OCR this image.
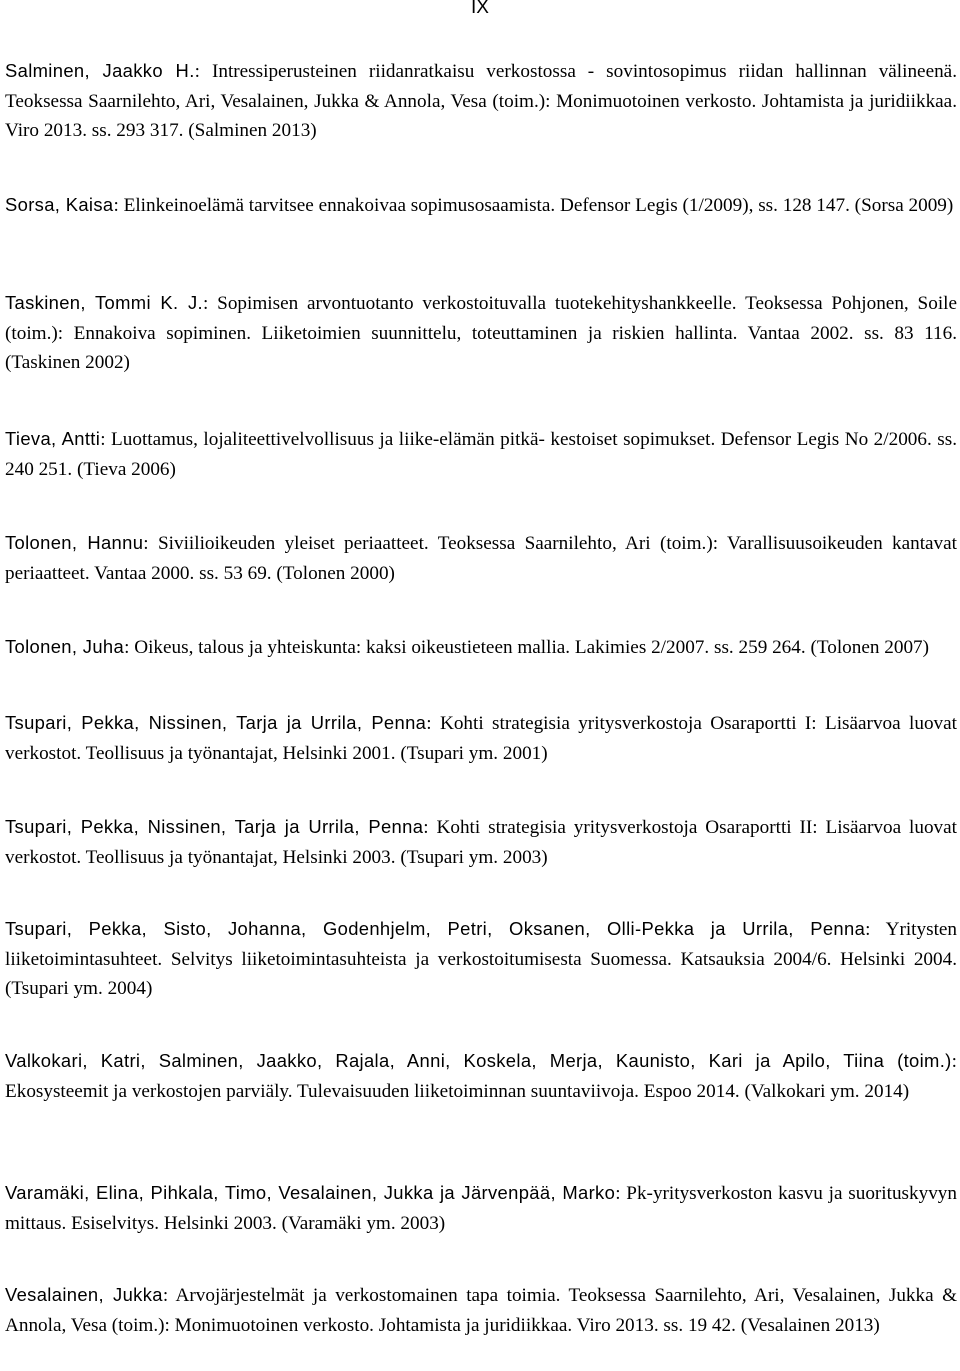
IX

Salminen, Jaakko H.: Intressiperusteinen riidanratkaisu verkostossa - sovintosopimus riidan hallinnan välineenä. Teoksessa Saarnilehto, Ari, Vesalainen, Jukka & Annola, Vesa (toim.): Monimuotoinen verkosto. Johtamista ja juridiikkaa. Viro 2013. ss. 293 317. (Salminen 2013)

Sorsa, Kaisa: Elinkeinoelämä tarvitsee ennakoivaa sopimusosaamista. Defensor Legis (1/2009), ss. 128 147. (Sorsa 2009)

Taskinen, Tommi K. J.: Sopimisen arvontuotanto verkostoituvalla tuotekehityshankkeelle. Teoksessa Pohjonen, Soile (toim.): Ennakoiva sopiminen. Liiketoimien suunnittelu, toteuttaminen ja riskien hallinta. Vantaa 2002. ss. 83 116. (Taskinen 2002)

Tieva, Antti: Luottamus, lojaliteettivelvollisuus ja liike-elämän pitkä- kestoiset sopimukset. Defensor Legis No 2/2006. ss. 240 251. (Tieva 2006)

Tolonen, Hannu: Siviilioikeuden yleiset periaatteet. Teoksessa Saarnilehto, Ari (toim.): Varallisuusoikeuden kantavat periaatteet. Vantaa 2000. ss. 53 69. (Tolonen 2000)

Tolonen, Juha: Oikeus, talous ja yhteiskunta: kaksi oikeustieteen mallia. Lakimies 2/2007. ss. 259 264. (Tolonen 2007)

Tsupari, Pekka, Nissinen, Tarja ja Urrila, Penna: Kohti strategisia yritysverkostoja Osaraportti I: Lisäarvoa luovat verkostot. Teollisuus ja työnantajat, Helsinki 2001. (Tsupari ym. 2001)

Tsupari, Pekka, Nissinen, Tarja ja Urrila, Penna: Kohti strategisia yritysverkostoja Osaraportti II: Lisäarvoa luovat verkostot. Teollisuus ja työnantajat, Helsinki 2003. (Tsupari ym. 2003)

Tsupari, Pekka, Sisto, Johanna, Godenhjelm, Petri, Oksanen, Olli-Pekka ja Urrila, Penna: Yritysten liiketoimintasuhteet. Selvitys liiketoimintasuhteista ja verkostoitumisesta Suomessa. Katsauksia 2004/6. Helsinki 2004. (Tsupari ym. 2004)

Valkokari, Katri, Salminen, Jaakko, Rajala, Anni, Koskela, Merja, Kaunisto, Kari ja Apilo, Tiina (toim.): Ekosysteemit ja verkostojen parviäly. Tulevaisuuden liiketoiminnan suuntaviivoja. Espoo 2014. (Valkokari ym. 2014)

Varamäki, Elina, Pihkala, Timo, Vesalainen, Jukka ja Järvenpää, Marko: Pk-yritysverkoston kasvu ja suorituskyvyn mittaus. Esiselvitys. Helsinki 2003. (Varamäki ym. 2003)

Vesalainen, Jukka: Arvojärjestelmät ja verkostomainen tapa toimia. Teoksessa Saarnilehto, Ari, Vesalainen, Jukka & Annola, Vesa (toim.): Monimuotoinen verkosto. Johtamista ja juridiikkaa. Viro 2013. ss. 19 42. (Vesalainen 2013)
